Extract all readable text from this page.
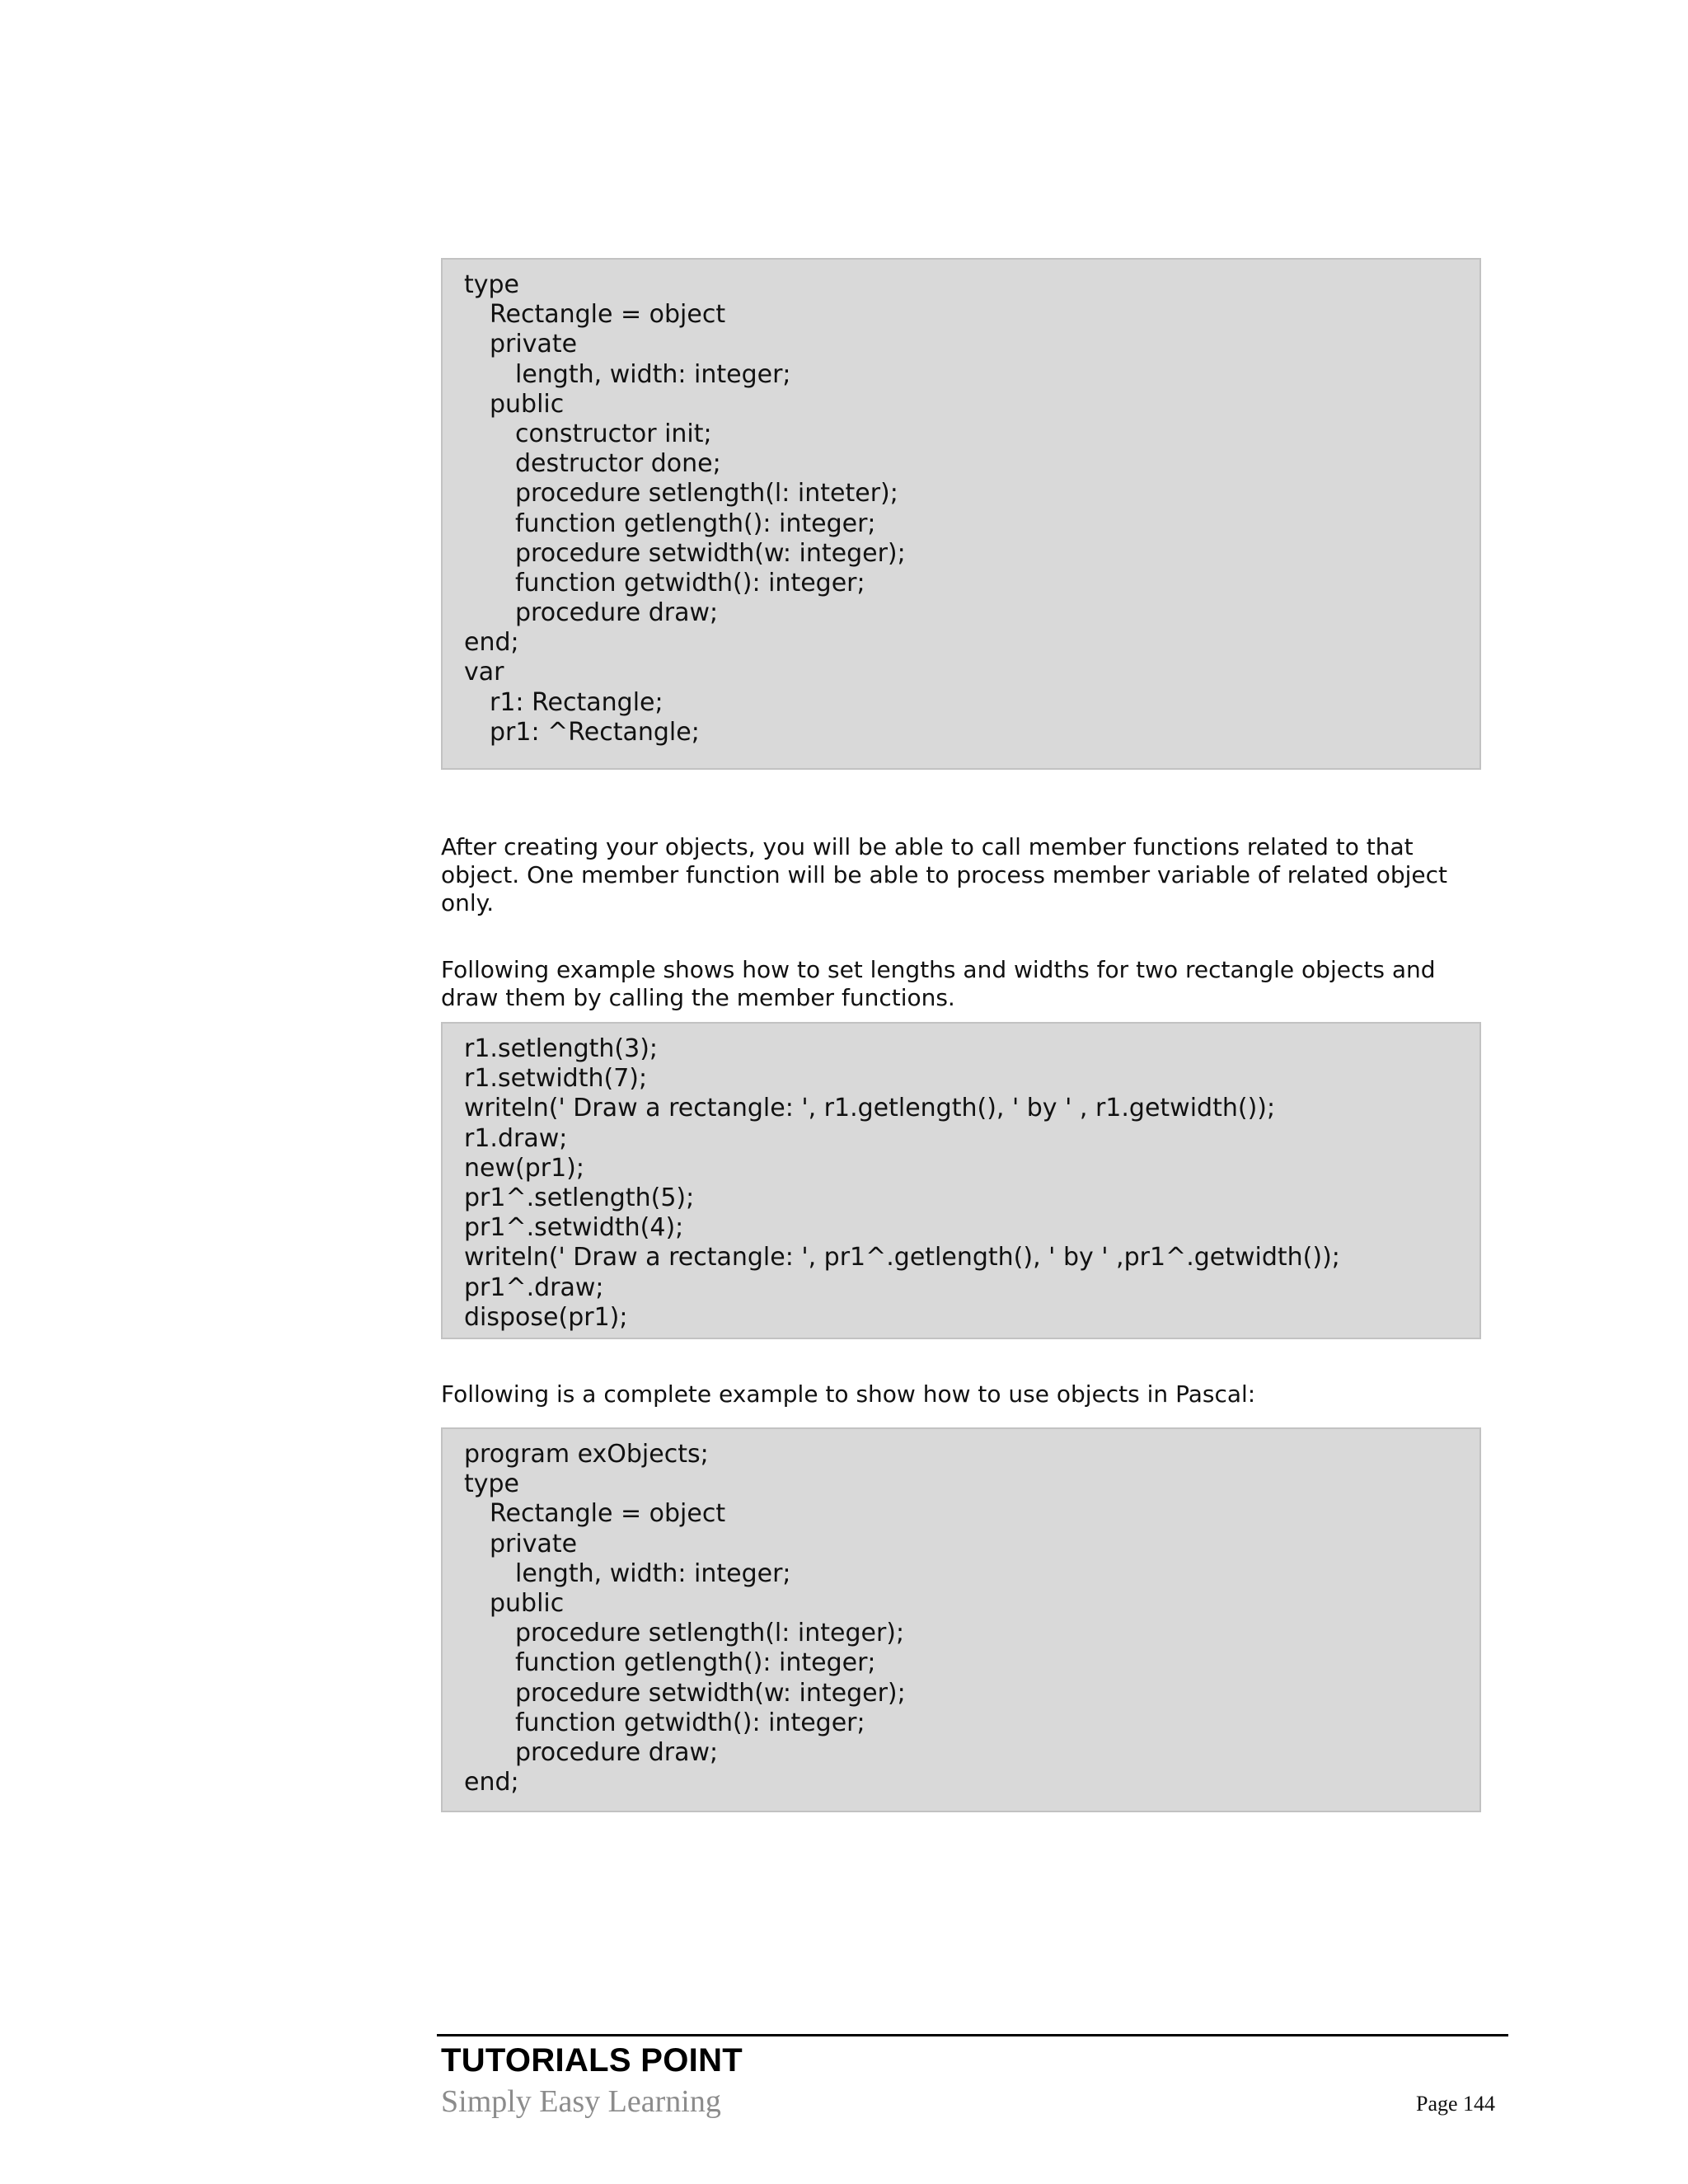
type
Rectangle = object
private
length, width: integer;
public
constructor init;
destructor done;
procedure setlength(l: inteter);
function getlength(): integer;
procedure setwidth(w: integer);
function getwidth(): integer;
procedure draw;
end;
var
r1: Rectangle;
pr1: ^Rectangle;
After creating your objects, you will be able to call member functions related to that
object. One member function will be able to process member variable of related object
only.
Following example shows how to set lengths and widths for two rectangle objects and
draw them by calling the member functions.
r1.setlength(3);
r1.setwidth(7);
writeln(' Draw a rectangle: ', r1.getlength(), ' by ' , r1.getwidth());
r1.draw;
new(pr1);
pr1^.setlength(5);
pr1^.setwidth(4);
writeln(' Draw a rectangle: ', pr1^.getlength(), ' by ' ,pr1^.getwidth());
pr1^.draw;
dispose(pr1);
Following is a complete example to show how to use objects in Pascal:
program exObjects;
type
Rectangle = object
private
length, width: integer;
public
procedure setlength(l: integer);
function getlength(): integer;
procedure setwidth(w: integer);
function getwidth(): integer;
procedure draw;
end;
TUTORIALS POINT
Simply Easy Learning	Page 144
